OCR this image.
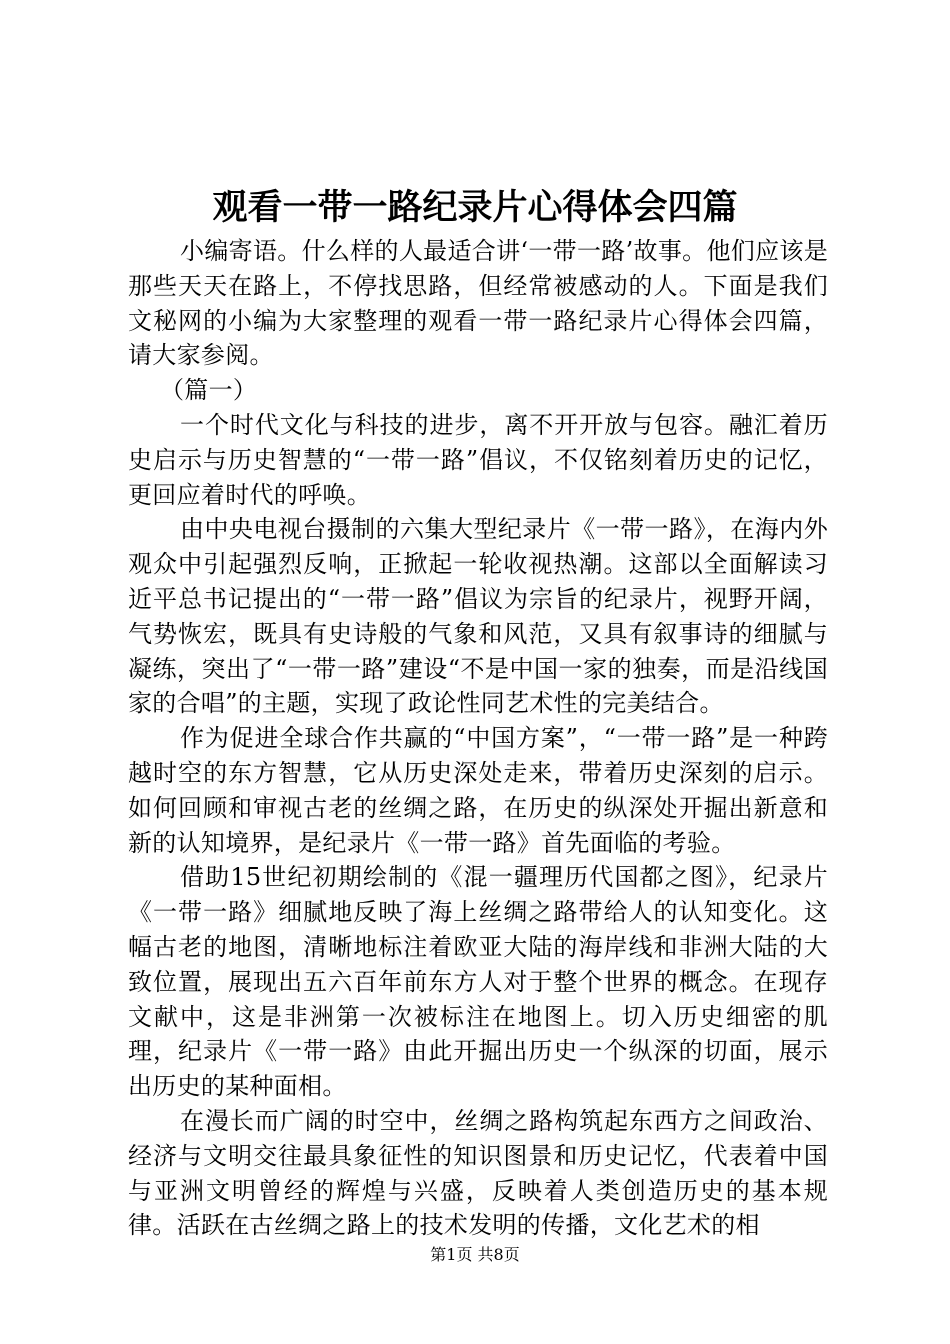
观看一带一路纪录片心得体会四篇

小编寄语。什么样的人最适合讲‘一带一路’故事。他们应该是那些天天在路上，不停找思路，但经常被感动的人。下面是我们文秘网的小编为大家整理的观看一带一路纪录片心得体会四篇，请大家参阅。

（篇一）

一个时代文化与科技的进步，离不开开放与包容。融汇着历史启示与历史智慧的“一带一路”倡议，不仅铭刻着历史的记忆，更回应着时代的呼唤。

由中央电视台摄制的六集大型纪录片《一带一路》，在海内外观众中引起强烈反响，正掀起一轮收视热潮。这部以全面解读习近平总书记提出的“一带一路”倡议为宗旨的纪录片，视野开阔，气势恢宏，既具有史诗般的气象和风范，又具有叙事诗的细腻与凝练，突出了“一带一路”建设“不是中国一家的独奏，而是沿线国家的合唱”的主题，实现了政论性同艺术性的完美结合。

作为促进全球合作共赢的“中国方案”，“一带一路”是一种跨越时空的东方智慧，它从历史深处走来，带着历史深刻的启示。如何回顾和审视古老的丝绸之路，在历史的纵深处开掘出新意和新的认知境界，是纪录片《一带一路》首先面临的考验。

借助15世纪初期绘制的《混一疆理历代国都之图》，纪录片《一带一路》细腻地反映了海上丝绸之路带给人的认知变化。这幅古老的地图，清晰地标注着欧亚大陆的海岸线和非洲大陆的大致位置，展现出五六百年前东方人对于整个世界的概念。在现存文献中，这是非洲第一次被标注在地图上。切入历史细密的肌理，纪录片《一带一路》由此开掘出历史一个纵深的切面，展示出历史的某种面相。

在漫长而广阔的时空中，丝绸之路构筑起东西方之间政治、经济与文明交往最具象征性的知识图景和历史记忆，代表着中国与亚洲文明曾经的辉煌与兴盛，反映着人类创造历史的基本规律。活跃在古丝绸之路上的技术发明的传播，文化艺术的相

第1页 共8页
